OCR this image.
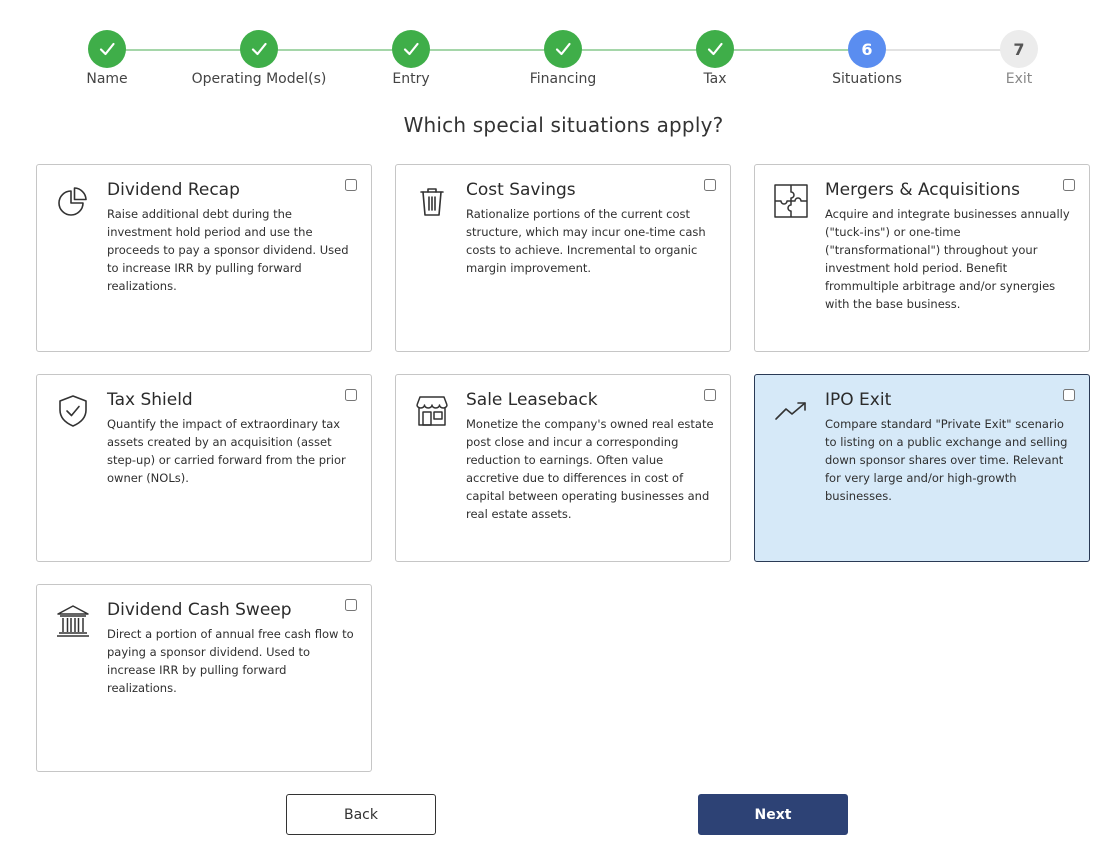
Name	Operating Model(s)	Entry	Financing	Tax
6
Situations
7
Exit
Which special situations apply?
Dividend Recap
Raise additional debt during the investment hold period and use the proceeds to pay a sponsor dividend. Used to increase IRR by pulling forward realizations.
Cost Savings
Rationalize portions of the current cost structure, which may incur one-time cash costs to achieve. Incremental to organic margin improvement.
Mergers & Acquisitions
Acquire and integrate businesses annually ("tuck-ins") or one-time ("transformational") throughout your investment hold period. Benefit frommultiple arbitrage and/or synergies with the base business.
Tax Shield
Quantify the impact of extraordinary tax assets created by an acquisition (asset step-up) or carried forward from the prior owner (NOLs).
Sale Leaseback
Monetize the company's owned real estate post close and incur a corresponding reduction to earnings. Often value accretive due to differences in cost of capital between operating businesses and real estate assets.
IPO Exit
Compare standard "Private Exit" scenario to listing on a public exchange and selling down sponsor shares over time. Relevant for very large and/or high-growth businesses.
Dividend Cash Sweep
Direct a portion of annual free cash flow to paying a sponsor dividend. Used to increase IRR by pulling forward realizations.
Back	Next
